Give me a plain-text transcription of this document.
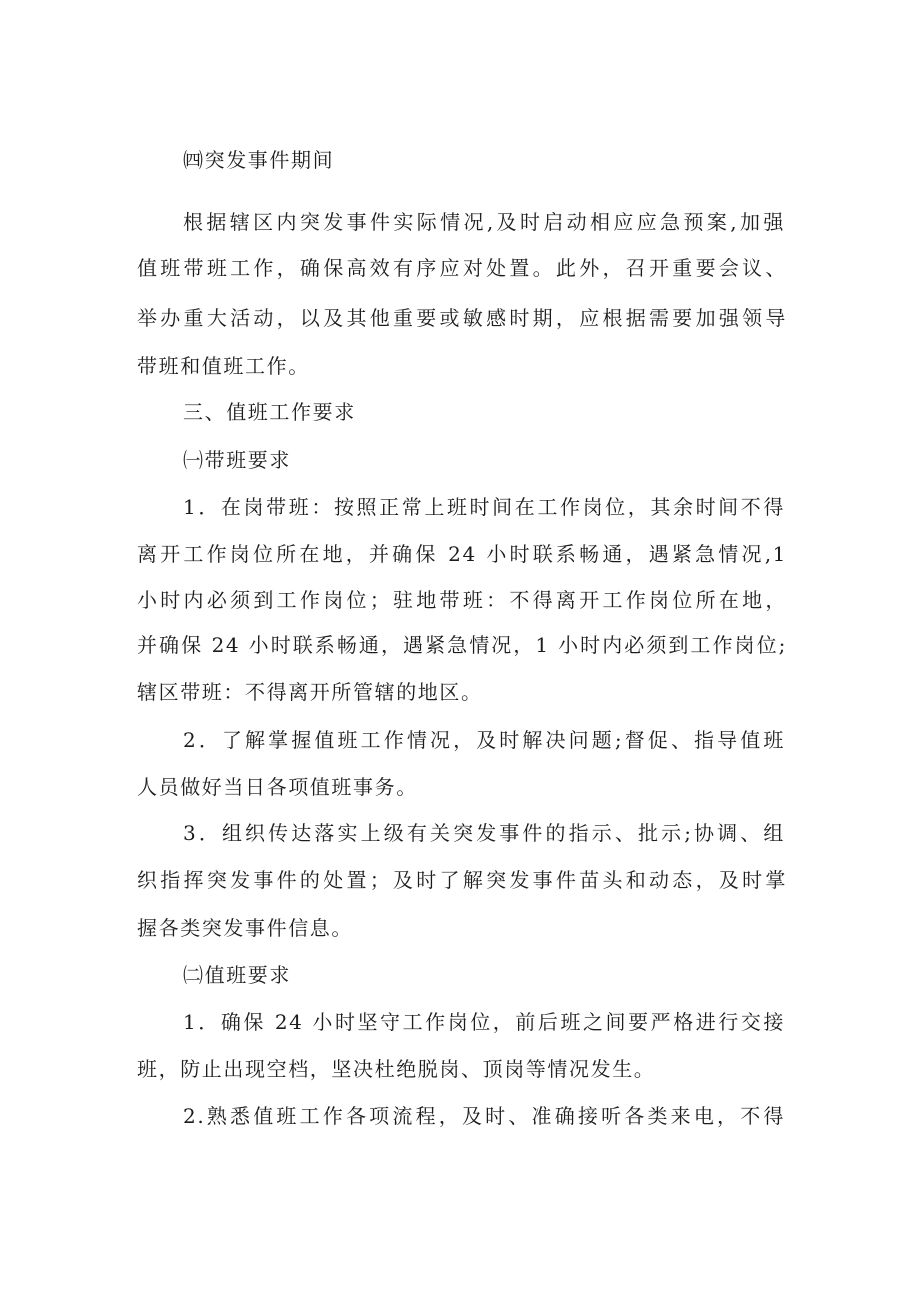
㈣突发事件期间
根据辖区内突发事件实际情况,及时启动相应应急预案,加强
值班带班工作，确保高效有序应对处置。此外，召开重要会议、
举办重大活动，以及其他重要或敏感时期，应根据需要加强领导
带班和值班工作。
三、值班工作要求
㈠带班要求
1．在岗带班：按照正常上班时间在工作岗位，其余时间不得
离开工作岗位所在地，并确保 24 小时联系畅通，遇紧急情况,1
小时内必须到工作岗位；驻地带班：不得离开工作岗位所在地，
并确保 24 小时联系畅通，遇紧急情况，1 小时内必须到工作岗位;
辖区带班：不得离开所管辖的地区。
2．了解掌握值班工作情况，及时解决问题;督促、指导值班
人员做好当日各项值班事务。
3．组织传达落实上级有关突发事件的指示、批示;协调、组
织指挥突发事件的处置；及时了解突发事件苗头和动态，及时掌
握各类突发事件信息。
㈡值班要求
1．确保 24 小时坚守工作岗位，前后班之间要严格进行交接
班，防止出现空档，坚决杜绝脱岗、顶岗等情况发生。
2.熟悉值班工作各项流程，及时、准确接听各类来电，不得
